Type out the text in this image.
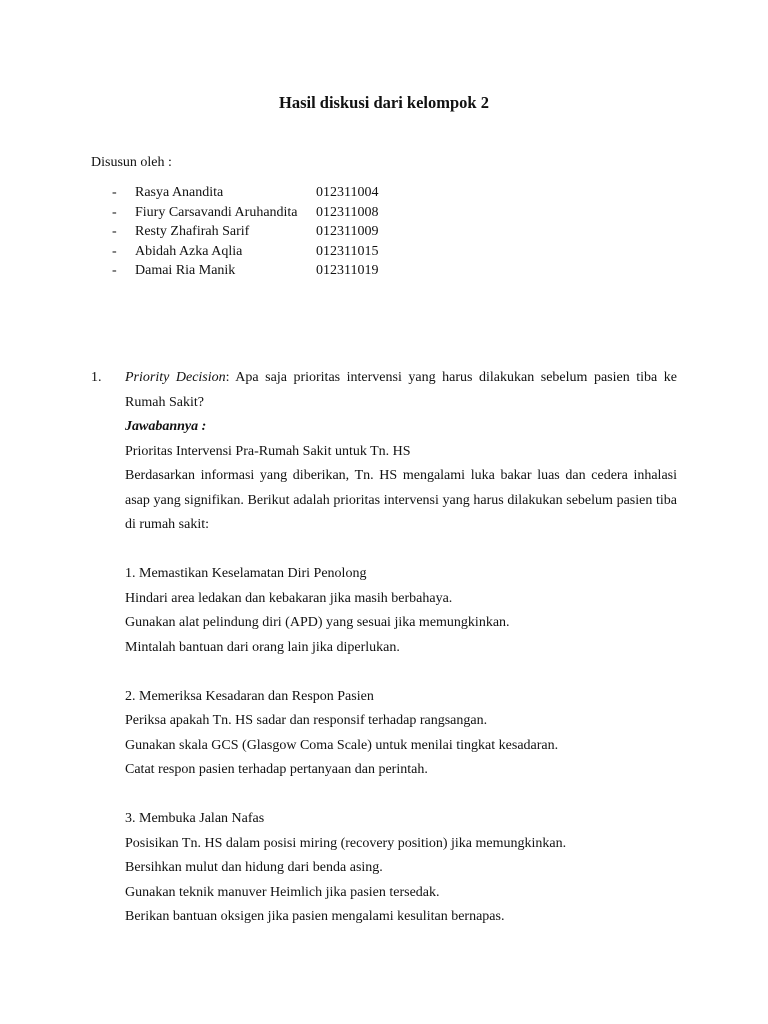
Hasil diskusi dari kelompok 2
Disusun oleh :
- Rasya Anandita	012311004
- Fiury Carsavandi Aruhandita 012311008
- Resty Zhafirah Sarif	012311009
- Abidah Azka Aqlia	012311015
- Damai Ria Manik	012311019
1. Priority Decision: Apa saja prioritas intervensi yang harus dilakukan sebelum pasien tiba ke Rumah Sakit?

Jawabannya :

Prioritas Intervensi Pra-Rumah Sakit untuk Tn. HS

Berdasarkan informasi yang diberikan, Tn. HS mengalami luka bakar luas dan cedera inhalasi asap yang signifikan. Berikut adalah prioritas intervensi yang harus dilakukan sebelum pasien tiba di rumah sakit:

1. Memastikan Keselamatan Diri Penolong

Hindari area ledakan dan kebakaran jika masih berbahaya.

Gunakan alat pelindung diri (APD) yang sesuai jika memungkinkan.

Mintalah bantuan dari orang lain jika diperlukan.

2. Memeriksa Kesadaran dan Respon Pasien

Periksa apakah Tn. HS sadar dan responsif terhadap rangsangan.

Gunakan skala GCS (Glasgow Coma Scale) untuk menilai tingkat kesadaran.

Catat respon pasien terhadap pertanyaan dan perintah.

3. Membuka Jalan Nafas

Posisikan Tn. HS dalam posisi miring (recovery position) jika memungkinkan.

Bersihkan mulut dan hidung dari benda asing.

Gunakan teknik manuver Heimlich jika pasien tersedak.

Berikan bantuan oksigen jika pasien mengalami kesulitan bernapas.
